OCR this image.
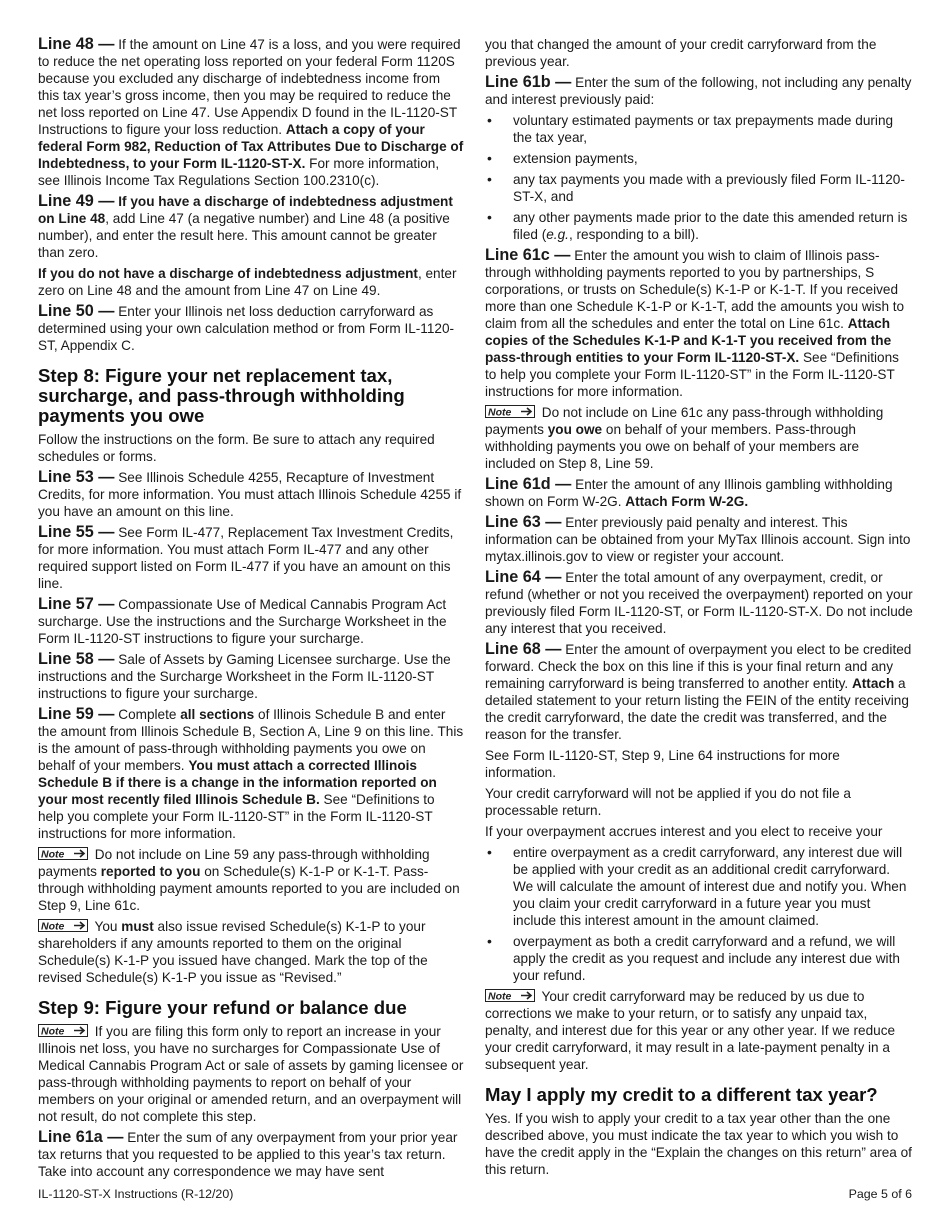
Line 48 — If the amount on Line 47 is a loss, and you were required to reduce the net operating loss reported on your federal Form 1120S because you excluded any discharge of indebtedness income from this tax year’s gross income, then you may be required to reduce the net loss reported on Line 47. Use Appendix D found in the IL-1120-ST Instructions to figure your loss reduction. Attach a copy of your federal Form 982, Reduction of Tax Attributes Due to Discharge of Indebtedness, to your Form IL-1120-ST-X. For more information, see Illinois Income Tax Regulations Section 100.2310(c).

Line 49 — If you have a discharge of indebtedness adjustment on Line 48, add Line 47 (a negative number) and Line 48 (a positive number), and enter the result here. This amount cannot be greater than zero.

If you do not have a discharge of indebtedness adjustment, enter zero on Line 48 and the amount from Line 47 on Line 49.

Line 50 — Enter your Illinois net loss deduction carryforward as determined using your own calculation method or from Form IL-1120-ST, Appendix C.

Step 8: Figure your net replacement tax, surcharge, and pass-through withholding payments you owe

Follow the instructions on the form. Be sure to attach any required schedules or forms.

Line 53 — See Illinois Schedule 4255, Recapture of Investment Credits, for more information. You must attach Illinois Schedule 4255 if you have an amount on this line.

Line 55 — See Form IL-477, Replacement Tax Investment Credits, for more information. You must attach Form IL-477 and any other required support listed on Form IL-477 if you have an amount on this line.

Line 57 — Compassionate Use of Medical Cannabis Program Act surcharge. Use the instructions and the Surcharge Worksheet in the Form IL-1120-ST instructions to figure your surcharge.

Line 58 — Sale of Assets by Gaming Licensee surcharge. Use the instructions and the Surcharge Worksheet in the Form IL-1120-ST instructions to figure your surcharge.

Line 59 — Complete all sections of Illinois Schedule B and enter the amount from Illinois Schedule B, Section A, Line 9 on this line. This is the amount of pass-through withholding payments you owe on behalf of your members. You must attach a corrected Illinois Schedule B if there is a change in the information reported on your most recently filed Illinois Schedule B. See “Definitions to help you complete your Form IL-1120-ST” in the Form IL-1120-ST instructions for more information.

Note Do not include on Line 59 any pass-through withholding payments reported to you on Schedule(s) K-1-P or K-1-T. Pass-through withholding payment amounts reported to you are included on Step 9, Line 61c.

Note You must also issue revised Schedule(s) K-1-P to your shareholders if any amounts reported to them on the original Schedule(s) K-1-P you issued have changed. Mark the top of the revised Schedule(s) K-1-P you issue as “Revised.”

Step 9: Figure your refund or balance due

Note If you are filing this form only to report an increase in your Illinois net loss, you have no surcharges for Compassionate Use of Medical Cannabis Program Act or sale of assets by gaming licensee or pass-through withholding payments to report on behalf of your members on your original or amended return, and an overpayment will not result, do not complete this step.

Line 61a — Enter the sum of any overpayment from your prior year tax returns that you requested to be applied to this year’s tax return. Take into account any correspondence we may have sent

you that changed the amount of your credit carryforward from the previous year.

Line 61b — Enter the sum of the following, not including any penalty and interest previously paid:

• voluntary estimated payments or tax prepayments made during the tax year,
• extension payments,
• any tax payments you made with a previously filed Form IL-1120-ST-X, and
• any other payments made prior to the date this amended return is filed (e.g., responding to a bill).

Line 61c — Enter the amount you wish to claim of Illinois pass-through withholding payments reported to you by partnerships, S corporations, or trusts on Schedule(s) K-1-P or K-1-T. If you received more than one Schedule K-1-P or K-1-T, add the amounts you wish to claim from all the schedules and enter the total on Line 61c. Attach copies of the Schedules K-1-P and K-1-T you received from the pass-through entities to your Form IL-1120-ST-X. See “Definitions to help you complete your Form IL-1120-ST” in the Form IL-1120-ST instructions for more information.

Note Do not include on Line 61c any pass-through withholding payments you owe on behalf of your members. Pass-through withholding payments you owe on behalf of your members are included on Step 8, Line 59.

Line 61d — Enter the amount of any Illinois gambling withholding shown on Form W-2G. Attach Form W-2G.

Line 63 — Enter previously paid penalty and interest. This information can be obtained from your MyTax Illinois account. Sign into mytax.illinois.gov to view or register your account.

Line 64 — Enter the total amount of any overpayment, credit, or refund (whether or not you received the overpayment) reported on your previously filed Form IL-1120-ST, or Form IL-1120-ST-X. Do not include any interest that you received.

Line 68 — Enter the amount of overpayment you elect to be credited forward. Check the box on this line if this is your final return and any remaining carryforward is being transferred to another entity. Attach a detailed statement to your return listing the FEIN of the entity receiving the credit carryforward, the date the credit was transferred, and the reason for the transfer.

See Form IL-1120-ST, Step 9, Line 64 instructions for more information.

Your credit carryforward will not be applied if you do not file a processable return.

If your overpayment accrues interest and you elect to receive your

• entire overpayment as a credit carryforward, any interest due will be applied with your credit as an additional credit carryforward. We will calculate the amount of interest due and notify you. When you claim your credit carryforward in a future year you must include this interest amount in the amount claimed.
• overpayment as both a credit carryforward and a refund, we will apply the credit as you request and include any interest due with your refund.

Note Your credit carryforward may be reduced by us due to corrections we make to your return, or to satisfy any unpaid tax, penalty, and interest due for this year or any other year. If we reduce your credit carryforward, it may result in a late-payment penalty in a subsequent year.

May I apply my credit to a different tax year?

Yes. If you wish to apply your credit to a tax year other than the one described above, you must indicate the tax year to which you wish to have the credit apply in the “Explain the changes on this return” area of this return.

IL-1120-ST-X Instructions (R-12/20)	Page 5 of 6
